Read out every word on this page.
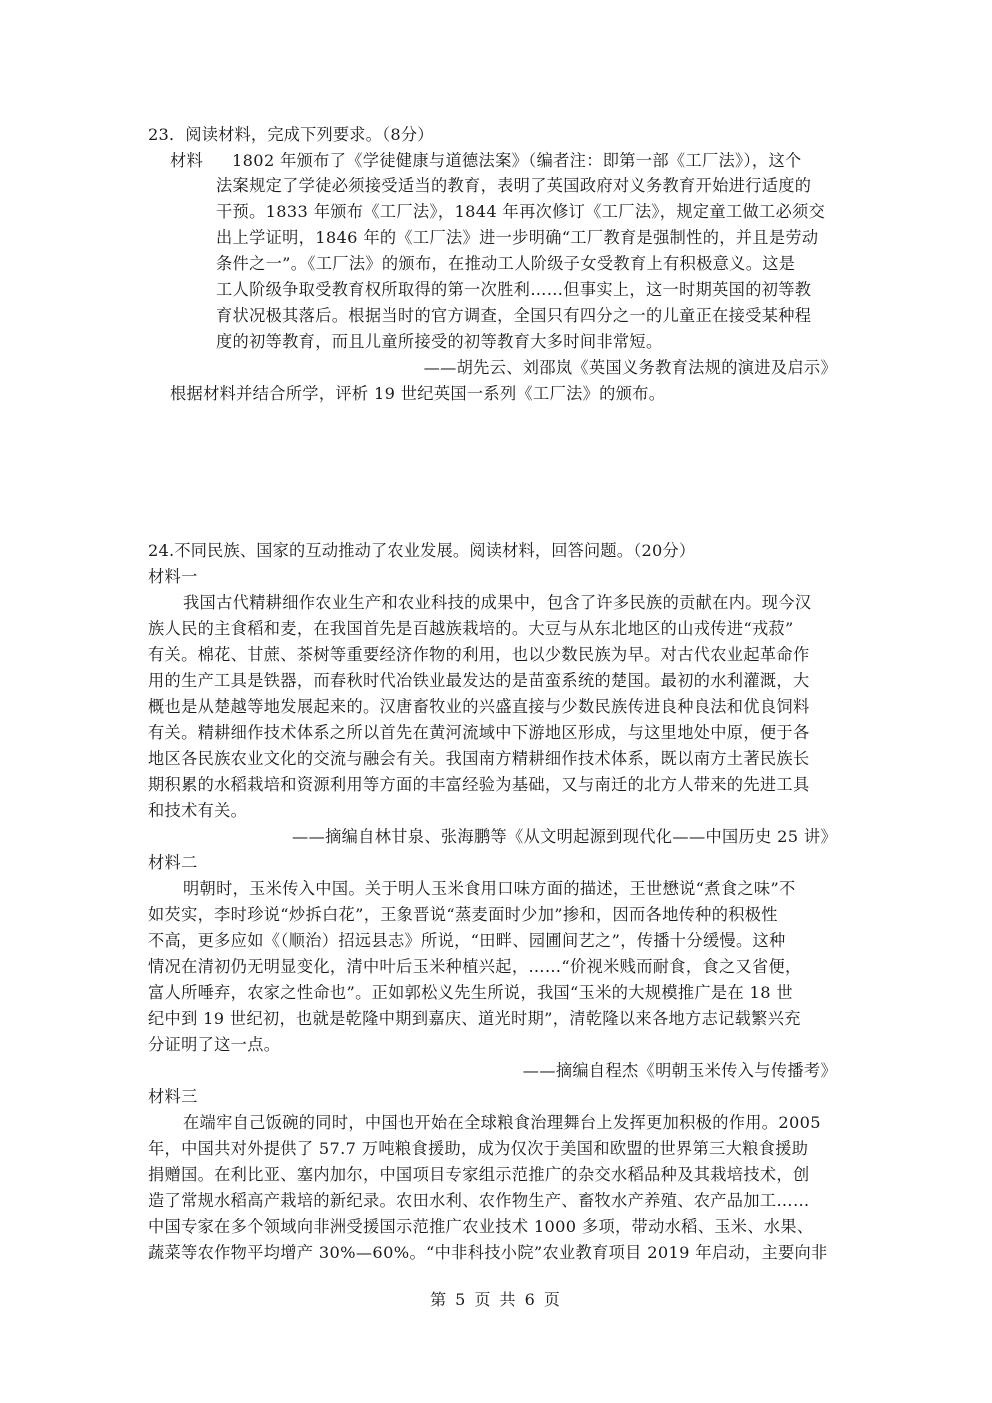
23．阅读材料，完成下列要求。（8分）
材料 1802 年颁布了《学徒健康与道德法案》（编者注：即第一部《工厂法》），这个
法案规定了学徒必须接受适当的教育，表明了英国政府对义务教育开始进行适度的
干预。1833 年颁布《工厂法》，1844 年再次修订《工厂法》，规定童工做工必须交
出上学证明，1846 年的《工厂法》进一步明确“工厂教育是强制性的，并且是劳动
条件之一”。《工厂法》的颁布，在推动工人阶级子女受教育上有积极意义。这是
工人阶级争取受教育权所取得的第一次胜利……但事实上，这一时期英国的初等教
育状况极其落后。根据当时的官方调查，全国只有四分之一的儿童正在接受某种程
度的初等教育，而且儿童所接受的初等教育大多时间非常短。
——胡先云、刘邵岚《英国义务教育法规的演进及启示》
根据材料并结合所学，评析 19 世纪英国一系列《工厂法》的颁布。
24.不同民族、国家的互动推动了农业发展。阅读材料，回答问题。（20分）
材料一
我国古代精耕细作农业生产和农业科技的成果中，包含了许多民族的贡献在内。现今汉
族人民的主食稻和麦，在我国首先是百越族栽培的。大豆与从东北地区的山戎传进“戎菽”
有关。棉花、甘蔗、茶树等重要经济作物的利用，也以少数民族为早。对古代农业起革命作
用的生产工具是铁器，而春秋时代冶铁业最发达的是苗蛮系统的楚国。最初的水利灌溉，大
概也是从楚越等地发展起来的。汉唐畜牧业的兴盛直接与少数民族传进良种良法和优良饲料
有关。精耕细作技术体系之所以首先在黄河流域中下游地区形成，与这里地处中原，便于各
地区各民族农业文化的交流与融会有关。我国南方精耕细作技术体系，既以南方土著民族长
期积累的水稻栽培和资源利用等方面的丰富经验为基础，又与南迁的北方人带来的先进工具
和技术有关。
——摘编自林甘泉、张海鹏等《从文明起源到现代化——中国历史 25 讲》
材料二
明朝时，玉米传入中国。关于明人玉米食用口味方面的描述，王世懋说“煮食之味”不
如芡实，李时珍说“炒拆白花”，王象晋说“蒸麦面时少加”掺和，因而各地传种的积极性
不高，更多应如《（顺治）招远县志》所说，“田畔、园圃间艺之”，传播十分缓慢。这种
情况在清初仍无明显变化，清中叶后玉米种植兴起，……“价视米贱而耐食，食之又省便，
富人所唾弃，农家之性命也”。正如郭松义先生所说，我国“玉米的大规模推广是在 18 世
纪中到 19 世纪初，也就是乾隆中期到嘉庆、道光时期”，清乾隆以来各地方志记载繁兴充
分证明了这一点。
——摘编自程杰《明朝玉米传入与传播考》
材料三
在端牢自己饭碗的同时，中国也开始在全球粮食治理舞台上发挥更加积极的作用。2005
年，中国共对外提供了 57.7 万吨粮食援助，成为仅次于美国和欧盟的世界第三大粮食援助
捐赠国。在利比亚、塞内加尔，中国项目专家组示范推广的杂交水稻品种及其栽培技术，创
造了常规水稻高产栽培的新纪录。农田水利、农作物生产、畜牧水产养殖、农产品加工……
中国专家在多个领域向非洲受援国示范推广农业技术 1000 多项，带动水稻、玉米、水果、
蔬菜等农作物平均增产 30%—60%。“中非科技小院”农业教育项目 2019 年启动，主要向非
第 5 页 共 6 页
